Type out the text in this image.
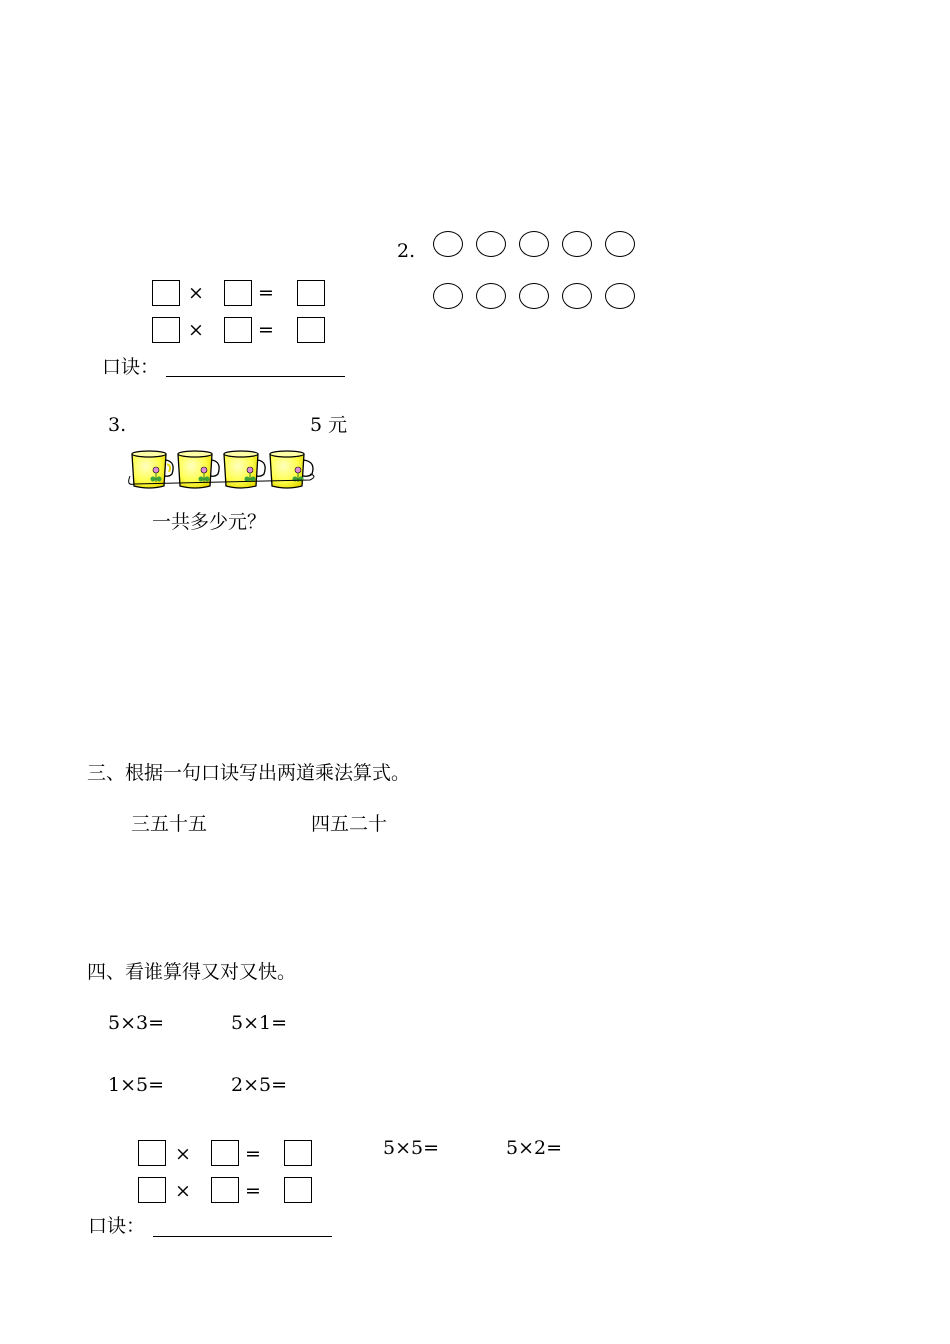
2.
×	=
×	=
口诀：
3.	5 元
一共多少元？
三、根据一句口诀写出两道乘法算式。
三五十五	四五二十
四、看谁算得又对又快。
5×3=	5×1=
1×5=	2×5=
5×5=	5×2=
×	=
×	=
口诀：
